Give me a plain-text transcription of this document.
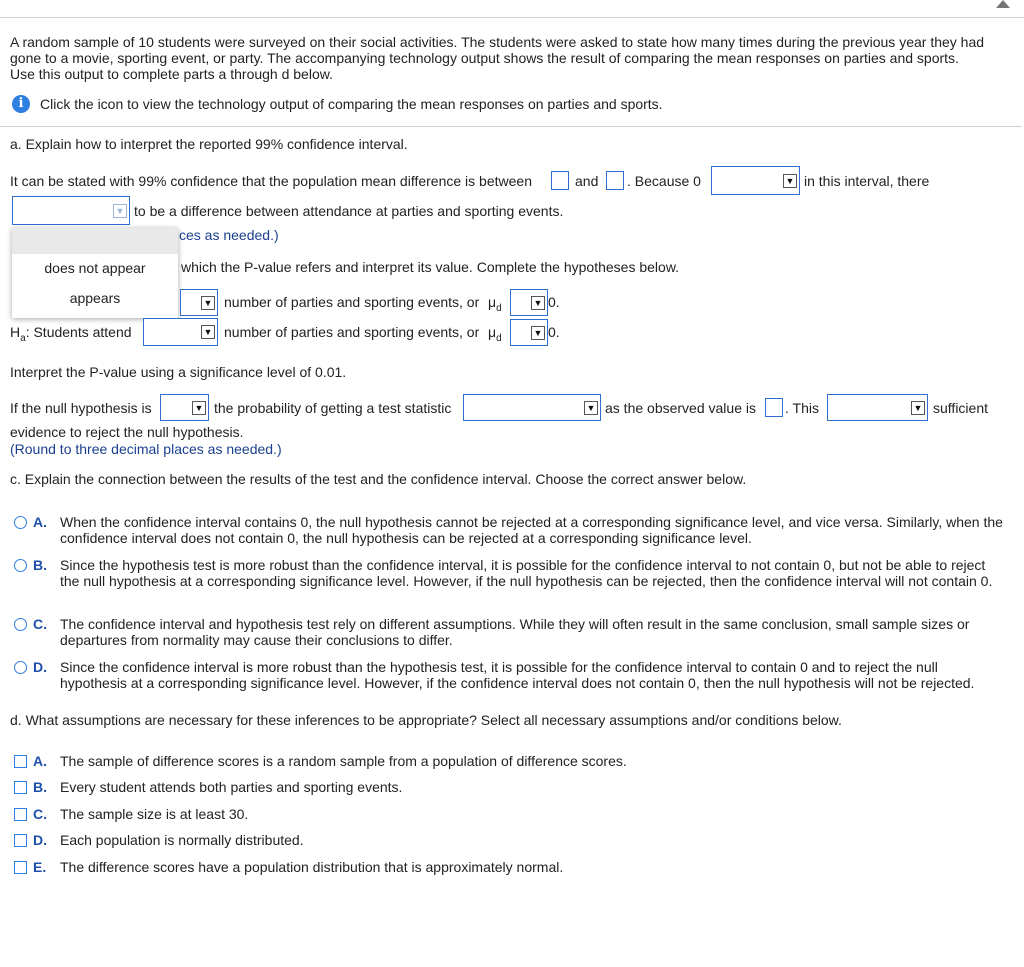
A random sample of 10 students were surveyed on their social activities. The students were asked to state how many times during the previous year they had
gone to a movie, sporting event, or party. The accompanying technology output shows the result of comparing the mean responses on parties and sports.
Use this output to complete parts a through d below.
i	Click the icon to view the technology output of comparing the mean responses on parties and sports.
a. Explain how to interpret the reported 99% confidence interval.
It can be stated with 99% confidence that the population mean difference is between	and . Because 0	▼ in this interval, there
▼ to be a difference between attendance at parties and sporting events.
ces as needed.)
does not appear
appears
which the P-value refers and interpret its value. Complete the hypotheses below.
▼ number of parties and sporting events, or $\mu_d$	▼ 0.
$H_a$: Students attend	▼ number of parties and sporting events, or $\mu_d$	▼ 0.
Interpret the P-value using a significance level of 0.01.
If the null hypothesis is	▼ the probability of getting a test statistic	▼ as the observed value is . This	▼ sufficient
evidence to reject the null hypothesis.
(Round to three decimal places as needed.)
c. Explain the connection between the results of the test and the confidence interval. Choose the correct answer below.
A. When the confidence interval contains 0, the null hypothesis cannot be rejected at a corresponding significance level, and vice versa. Similarly, when the confidence interval does not contain 0, the null hypothesis can be rejected at a corresponding significance level.
B. Since the hypothesis test is more robust than the confidence interval, it is possible for the confidence interval to not contain 0, but not be able to reject the null hypothesis at a corresponding significance level. However, if the null hypothesis can be rejected, then the confidence interval will not contain 0.
C. The confidence interval and hypothesis test rely on different assumptions. While they will often result in the same conclusion, small sample sizes or departures from normality may cause their conclusions to differ.
D. Since the confidence interval is more robust than the hypothesis test, it is possible for the confidence interval to contain 0 and to reject the null hypothesis at a corresponding significance level. However, if the confidence interval does not contain 0, then the null hypothesis will not be rejected.
d. What assumptions are necessary for these inferences to be appropriate? Select all necessary assumptions and/or conditions below.
A. The sample of difference scores is a random sample from a population of difference scores.
B. Every student attends both parties and sporting events.
C. The sample size is at least 30.
D. Each population is normally distributed.
E. The difference scores have a population distribution that is approximately normal.
